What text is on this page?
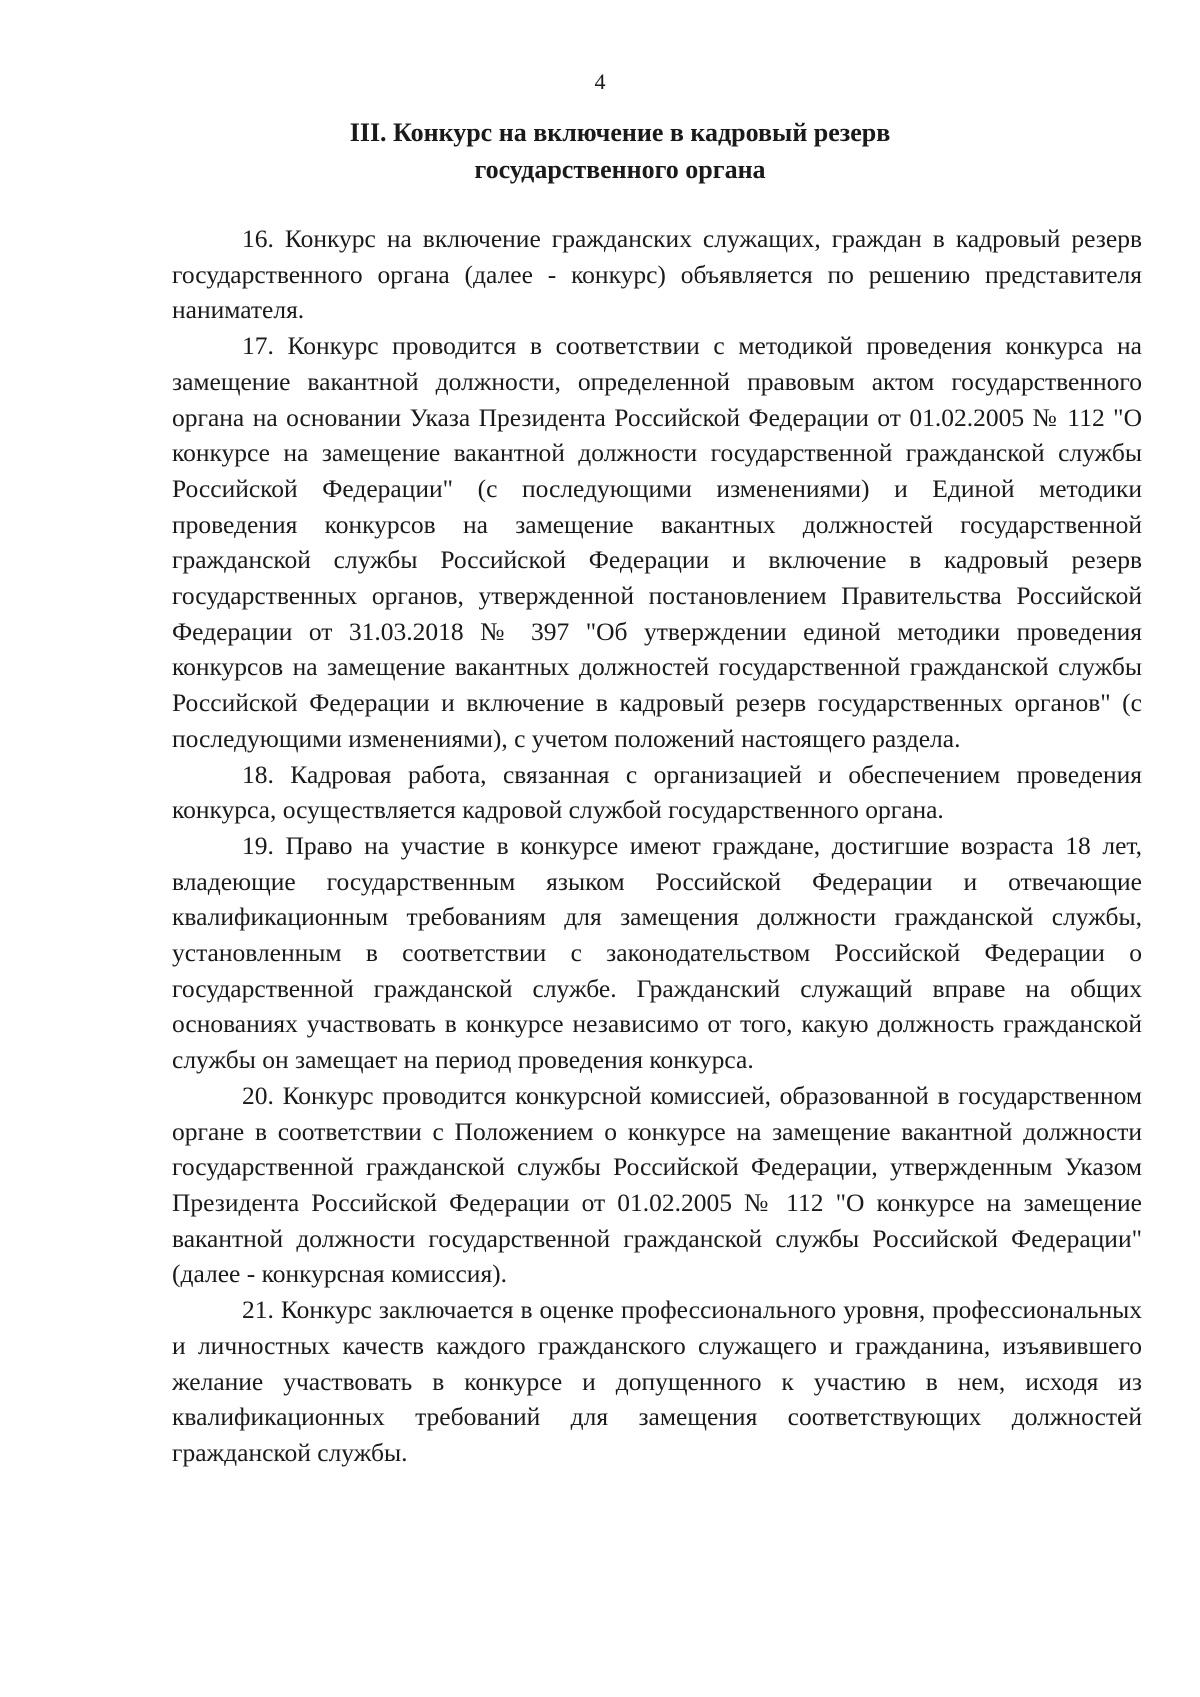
4
III. Конкурс на включение в кадровый резерв
государственного органа

16. Конкурс на включение гражданских служащих, граждан в кадровый резерв государственного органа (далее - конкурс) объявляется по решению представителя нанимателя.

17. Конкурс проводится в соответствии с методикой проведения конкурса на замещение вакантной должности, определенной правовым актом государственного органа на основании Указа Президента Российской Федерации от 01.02.2005 № 112 "О конкурсе на замещение вакантной должности государственной гражданской службы Российской Федерации" (с последующими изменениями) и Единой методики проведения конкурсов на замещение вакантных должностей государственной гражданской службы Российской Федерации и включение в кадровый резерв государственных органов, утвержденной постановлением Правительства Российской Федерации от 31.03.2018 № 397 "Об утверждении единой методики проведения конкурсов на замещение вакантных должностей государственной гражданской службы Российской Федерации и включение в кадровый резерв государственных органов" (с последующими изменениями), с учетом положений настоящего раздела.

18. Кадровая работа, связанная с организацией и обеспечением проведения конкурса, осуществляется кадровой службой государственного органа.

19. Право на участие в конкурсе имеют граждане, достигшие возраста 18 лет, владеющие государственным языком Российской Федерации и отвечающие квалификационным требованиям для замещения должности гражданской службы, установленным в соответствии с законодательством Российской Федерации о государственной гражданской службе. Гражданский служащий вправе на общих основаниях участвовать в конкурсе независимо от того, какую должность гражданской службы он замещает на период проведения конкурса.

20. Конкурс проводится конкурсной комиссией, образованной в государственном органе в соответствии с Положением о конкурсе на замещение вакантной должности государственной гражданской службы Российской Федерации, утвержденным Указом Президента Российской Федерации от 01.02.2005 № 112 "О конкурсе на замещение вакантной должности государственной гражданской службы Российской Федерации" (далее - конкурсная комиссия).

21. Конкурс заключается в оценке профессионального уровня, профессиональных и личностных качеств каждого гражданского служащего и гражданина, изъявившего желание участвовать в конкурсе и допущенного к участию в нем, исходя из квалификационных требований для замещения соответствующих должностей гражданской службы.
